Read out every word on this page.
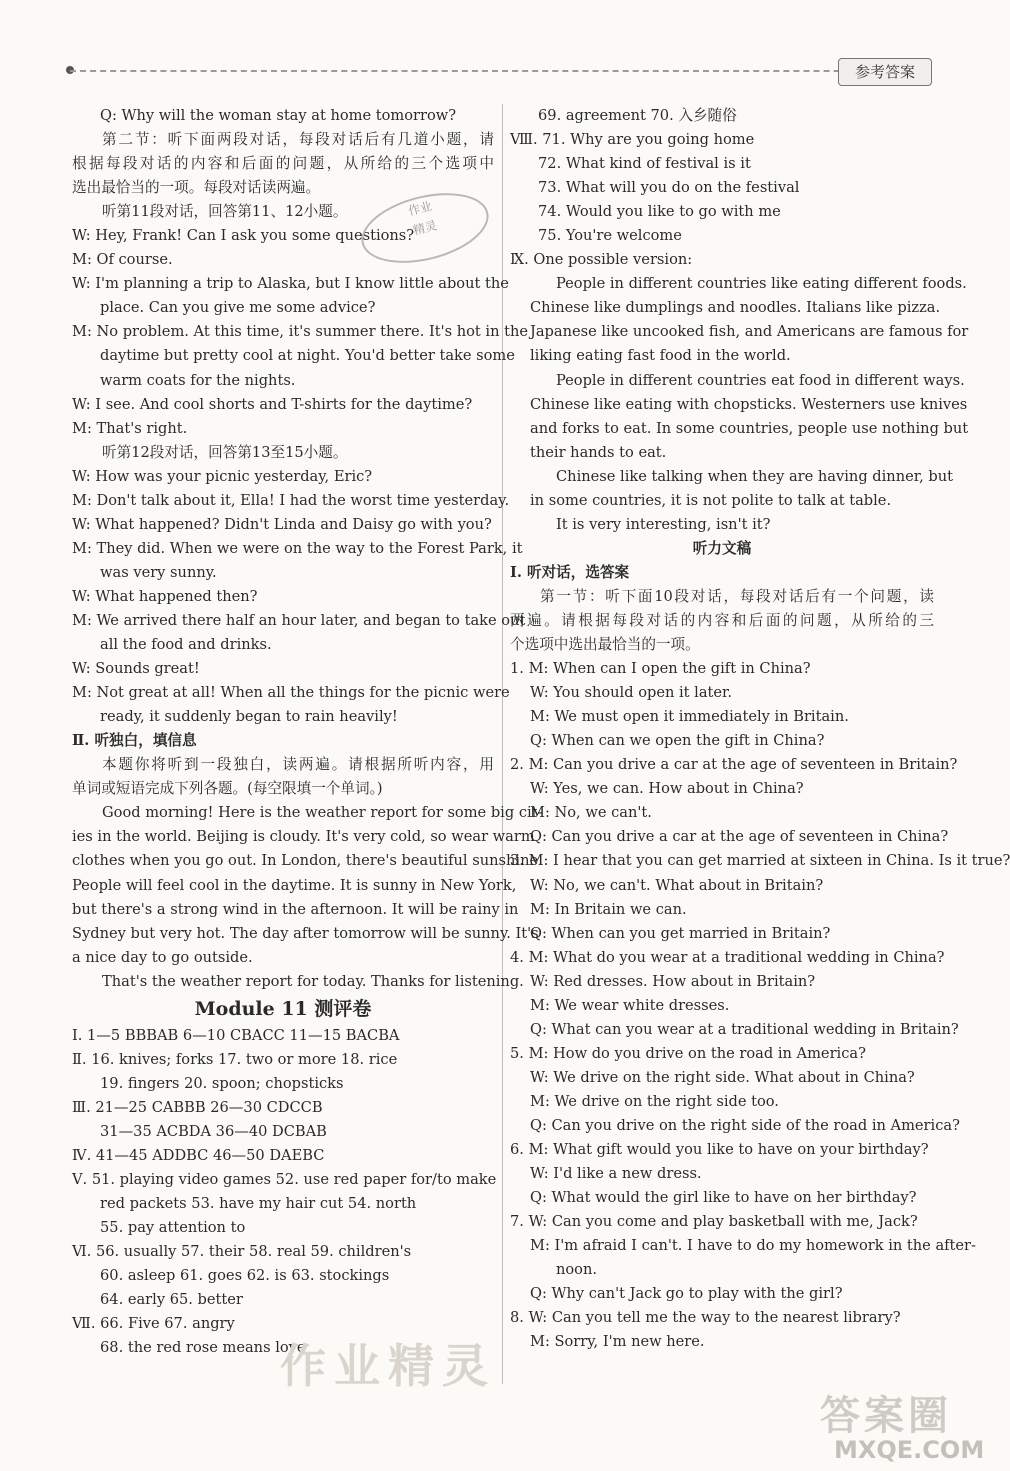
参考答案
Q: Why will the woman stay at home tomorrow?
第二节：听下面两段对话，每段对话后有几道小题，请
根据每段对话的内容和后面的问题，从所给的三个选项中
选出最恰当的一项。每段对话读两遍。
听第11段对话，回答第11、12小题。
W: Hey, Frank! Can I ask you some questions?
M: Of course.
W: I'm planning a trip to Alaska, but I know little about the
place. Can you give me some advice?
M: No problem. At this time, it's summer there. It's hot in the
daytime but pretty cool at night. You'd better take some
warm coats for the nights.
W: I see. And cool shorts and T-shirts for the daytime?
M: That's right.
听第12段对话，回答第13至15小题。
W: How was your picnic yesterday, Eric?
M: Don't talk about it, Ella! I had the worst time yesterday.
W: What happened? Didn't Linda and Daisy go with you?
M: They did. When we were on the way to the Forest Park, it
was very sunny.
W: What happened then?
M: We arrived there half an hour later, and began to take out
all the food and drinks.
W: Sounds great!
M: Not great at all! When all the things for the picnic were
ready, it suddenly began to rain heavily!
Ⅱ. 听独白，填信息
本题你将听到一段独白，读两遍。请根据所听内容，用
单词或短语完成下列各题。(每空限填一个单词。)
Good morning! Here is the weather report for some big cit-
ies in the world. Beijing is cloudy. It's very cold, so wear warm
clothes when you go out. In London, there's beautiful sunshine.
People will feel cool in the daytime. It is sunny in New York,
but there's a strong wind in the afternoon. It will be rainy in
Sydney but very hot. The day after tomorrow will be sunny. It's
a nice day to go outside.
That's the weather report for today. Thanks for listening.
Module 11 测评卷
Ⅰ. 1—5 BBBAB 6—10 CBACC 11—15 BACBA
Ⅱ. 16. knives; forks 17. two or more 18. rice
19. fingers 20. spoon; chopsticks
Ⅲ. 21—25 CABBB 26—30 CDCCB
31—35 ACBDA 36—40 DCBAB
Ⅳ. 41—45 ADDBC 46—50 DAEBC
Ⅴ. 51. playing video games 52. use red paper for/to make
red packets 53. have my hair cut 54. north
55. pay attention to
Ⅵ. 56. usually 57. their 58. real 59. children's
60. asleep 61. goes 62. is 63. stockings
64. early 65. better
Ⅶ. 66. Five 67. angry
68. the red rose means love
69. agreement 70. 入乡随俗
Ⅷ. 71. Why are you going home
72. What kind of festival is it
73. What will you do on the festival
74. Would you like to go with me
75. You're welcome
Ⅸ. One possible version:
People in different countries like eating different foods.
Chinese like dumplings and noodles. Italians like pizza.
Japanese like uncooked fish, and Americans are famous for
liking eating fast food in the world.
People in different countries eat food in different ways.
Chinese like eating with chopsticks. Westerners use knives
and forks to eat. In some countries, people use nothing but
their hands to eat.
Chinese like talking when they are having dinner, but
in some countries, it is not polite to talk at table.
It is very interesting, isn't it?
听力文稿
Ⅰ. 听对话，选答案
第一节：听下面10段对话，每段对话后有一个问题，读
两遍。请根据每段对话的内容和后面的问题，从所给的三
个选项中选出最恰当的一项。
1. M: When can I open the gift in China?
W: You should open it later.
M: We must open it immediately in Britain.
Q: When can we open the gift in China?
2. M: Can you drive a car at the age of seventeen in Britain?
W: Yes, we can. How about in China?
M: No, we can't.
Q: Can you drive a car at the age of seventeen in China?
3. M: I hear that you can get married at sixteen in China. Is it true?
W: No, we can't. What about in Britain?
M: In Britain we can.
Q: When can you get married in Britain?
4. M: What do you wear at a traditional wedding in China?
W: Red dresses. How about in Britain?
M: We wear white dresses.
Q: What can you wear at a traditional wedding in Britain?
5. M: How do you drive on the road in America?
W: We drive on the right side. What about in China?
M: We drive on the right side too.
Q: Can you drive on the right side of the road in America?
6. M: What gift would you like to have on your birthday?
W: I'd like a new dress.
Q: What would the girl like to have on her birthday?
7. W: Can you come and play basketball with me, Jack?
M: I'm afraid I can't. I have to do my homework in the after-
noon.
Q: Why can't Jack go to play with the girl?
8. W: Can you tell me the way to the nearest library?
M: Sorry, I'm new here.
作业
精灵
作业精灵
答案圈
MXQE.COM
